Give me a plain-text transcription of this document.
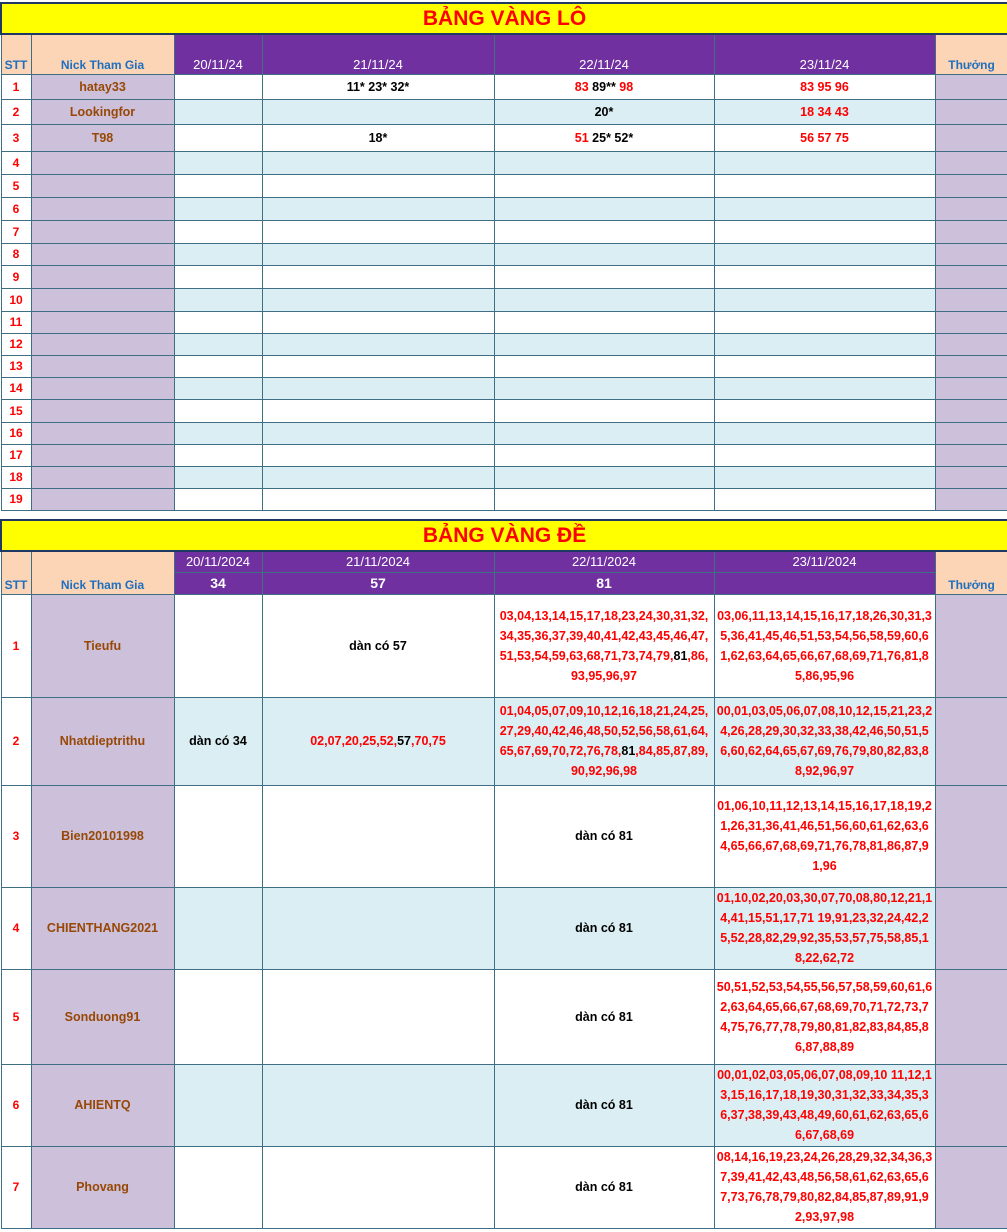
BẢNG VÀNG LÔ						
STT	Nick Tham Gia	20/11/24	21/11/24	22/11/24	23/11/24	Thưởng
1	hatay33		11* 23* 32*	83 89** 98	83 95 96	
2	Lookingfor			20*	18 34 43	
3	T98		18*	51 25* 52*	56 57 75	
4						
5						
6						
7						
8						
9						
10						
11						
12						
13						
14						
15						
16						
17						
18						
19						
BẢNG VÀNG ĐỀ						
STT	Nick Tham Gia	20/11/2024	21/11/2024	22/11/2024	23/11/2024	Thưởng
		34	57	81		
1	Tieufu		dàn có 57	03,04,13,14,15,17,18,23,24,30,31,32,34,35,36,37,39,40,41,42,43,45,46,47,51,53,54,59,63,68,71,73,74,79,81,86,93,95,96,97	03,06,11,13,14,15,16,17,18,26,30,31,35,36,41,45,46,51,53,54,56,58,59,60,61,62,63,64,65,66,67,68,69,71,76,81,85,86,95,96	
2	Nhatdieptrithu	dàn có 34	02,07,20,25,52,57,70,75	01,04,05,07,09,10,12,16,18,21,24,25,27,29,40,42,46,48,50,52,56,58,61,64,65,67,69,70,72,76,78,81,84,85,87,89,90,92,96,98	00,01,03,05,06,07,08,10,12,15,21,23,24,26,28,29,30,32,33,38,42,46,50,51,56,60,62,64,65,67,69,76,79,80,82,83,88,92,96,97	
3	Bien20101998			dàn có 81	01,06,10,11,12,13,14,15,16,17,18,19,21,26,31,36,41,46,51,56,60,61,62,63,64,65,66,67,68,69,71,76,78,81,86,87,91,96	
4	CHIENTHANG2021			dàn có 81	01,10,02,20,03,30,07,70,08,80,12,21,14,41,15,51,17,71 19,91,23,32,24,42,25,52,28,82,29,92,35,53,57,75,58,85,18,22,62,72	
5	Sonduong91			dàn có 81	50,51,52,53,54,55,56,57,58,59,60,61,62,63,64,65,66,67,68,69,70,71,72,73,74,75,76,77,78,79,80,81,82,83,84,85,86,87,88,89	
6	AHIENTQ			dàn có 81	00,01,02,03,05,06,07,08,09,10 11,12,13,15,16,17,18,19,30,31,32,33,34,35,36,37,38,39,43,48,49,60,61,62,63,65,66,67,68,69	
7	Phovang			dàn có 81	08,14,16,19,23,24,26,28,29,32,34,36,37,39,41,42,43,48,56,58,61,62,63,65,67,73,76,78,79,80,82,84,85,87,89,91,92,93,97,98	
